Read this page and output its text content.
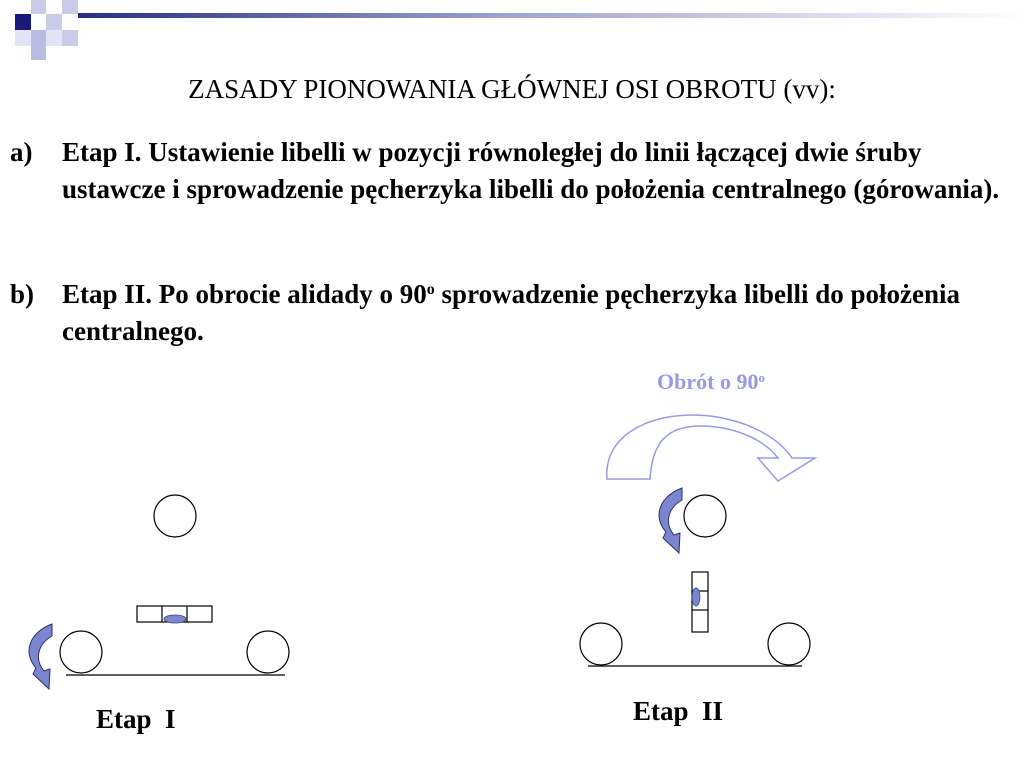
ZASADY PIONOWANIA GŁÓWNEJ OSI OBROTU (vv):
a) Etap I. Ustawienie libelli w pozycji równoległej do linii łączącej dwie śruby ustawcze i sprowadzenie pęcherzyka libelli do położenia centralnego (górowania).
b) Etap II. Po obrocie alidady o 90$^o$ sprowadzenie pęcherzyka libelli do położenia centralnego.
Obrót o 90$^o$
Etap  I	Etap  II
